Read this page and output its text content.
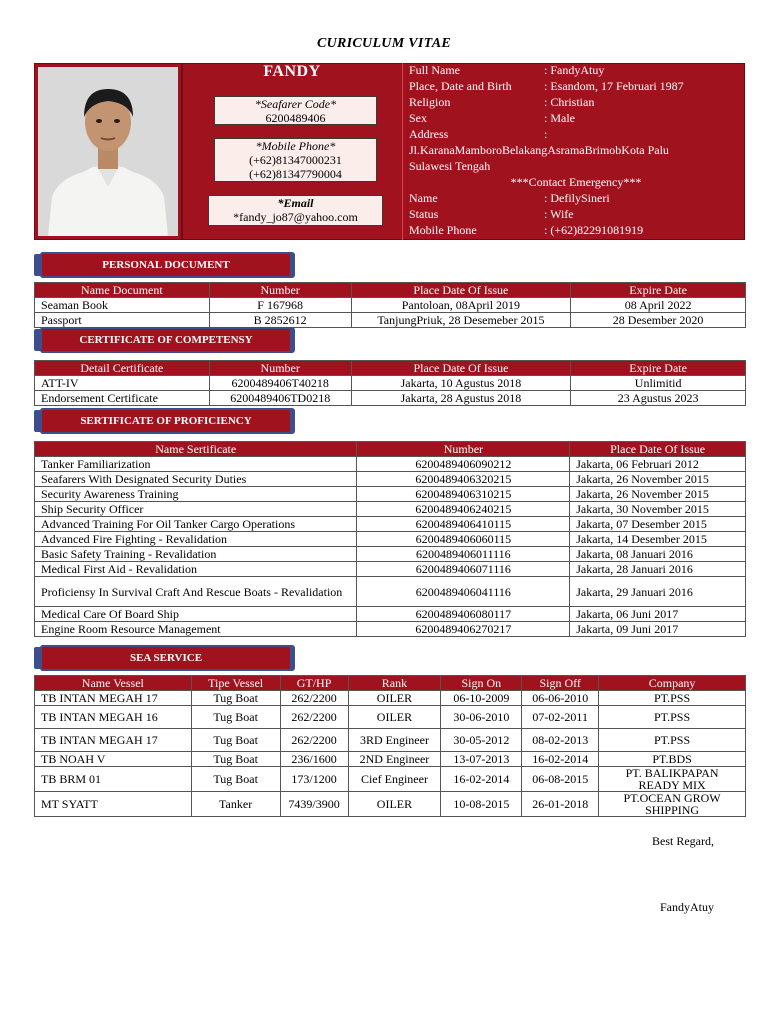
CURICULUM VITAE
FANDY
*Seafarer Code*
6200489406
*Mobile Phone*
(+62)81347000231
(+62)81347790004
*Email
*fandy_jo87@yahoo.com
Full Name	: FandyAtuy
Place, Date and Birth	: Esandom, 17 Februari 1987
Religion	: Christian
Sex	: Male
Address	:
Jl.KaranaMamboroBelakangAsramaBrimobKota Palu
Sulawesi Tengah
***Contact Emergency***
Name	: DefilySineri
Status	: Wife
Mobile Phone	: (+62)82291081919
PERSONAL DOCUMENT
Name Document	Number	Place Date Of Issue	Expire Date
Seaman Book	F 167968	Pantoloan, 08April 2019	08 April 2022
Passport	B 2852612	TanjungPriuk, 28 Desemeber 2015	28 Desember 2020
CERTIFICATE OF COMPETENSY
Detail Certificate	Number	Place Date Of Issue	Expire Date
ATT-IV	6200489406T40218	Jakarta, 10 Agustus 2018	Unlimitid
Endorsement Certificate	6200489406TD0218	Jakarta, 28 Agustus 2018	23 Agustus 2023
SERTIFICATE OF PROFICIENCY
Name Sertificate	Number	Place Date Of Issue
Tanker Familiarization	6200489406090212	Jakarta, 06 Februari 2012
Seafarers With Designated Security Duties	6200489406320215	Jakarta, 26 November 2015
Security Awareness Training	6200489406310215	Jakarta, 26 November 2015
Ship Security Officer	6200489406240215	Jakarta, 30 November 2015
Advanced Training For Oil Tanker Cargo Operations	6200489406410115	Jakarta, 07 Desember 2015
Advanced Fire Fighting - Revalidation	6200489406060115	Jakarta, 14 Desember 2015
Basic Safety Training - Revalidation	6200489406011116	Jakarta, 08 Januari 2016
Medical First Aid - Revalidation	6200489406071116	Jakarta, 28 Januari 2016
Proficiensy In Survival Craft And Rescue Boats - Revalidation	6200489406041116	Jakarta, 29 Januari 2016
Medical Care Of Board Ship	6200489406080117	Jakarta, 06 Juni 2017
Engine Room Resource Management	6200489406270217	Jakarta, 09 Juni 2017
SEA SERVICE
Name Vessel	Tipe Vessel	GT/HP	Rank	Sign On	Sign Off	Company
TB INTAN MEGAH 17	Tug Boat	262/2200	OILER	06-10-2009	06-06-2010	PT.PSS
TB INTAN MEGAH 16	Tug Boat	262/2200	OILER	30-06-2010	07-02-2011	PT.PSS
TB INTAN MEGAH 17	Tug Boat	262/2200	3RD Engineer	30-05-2012	08-02-2013	PT.PSS
TB NOAH V	Tug Boat	236/1600	2ND Engineer	13-07-2013	16-02-2014	PT.BDS
TB BRM 01	Tug Boat	173/1200	Cief Engineer	16-02-2014	06-08-2015	PT. BALIKPAPAN READY MIX
MT SYATT	Tanker	7439/3900	OILER	10-08-2015	26-01-2018	PT.OCEAN GROW SHIPPING
Best Regard,
FandyAtuy
